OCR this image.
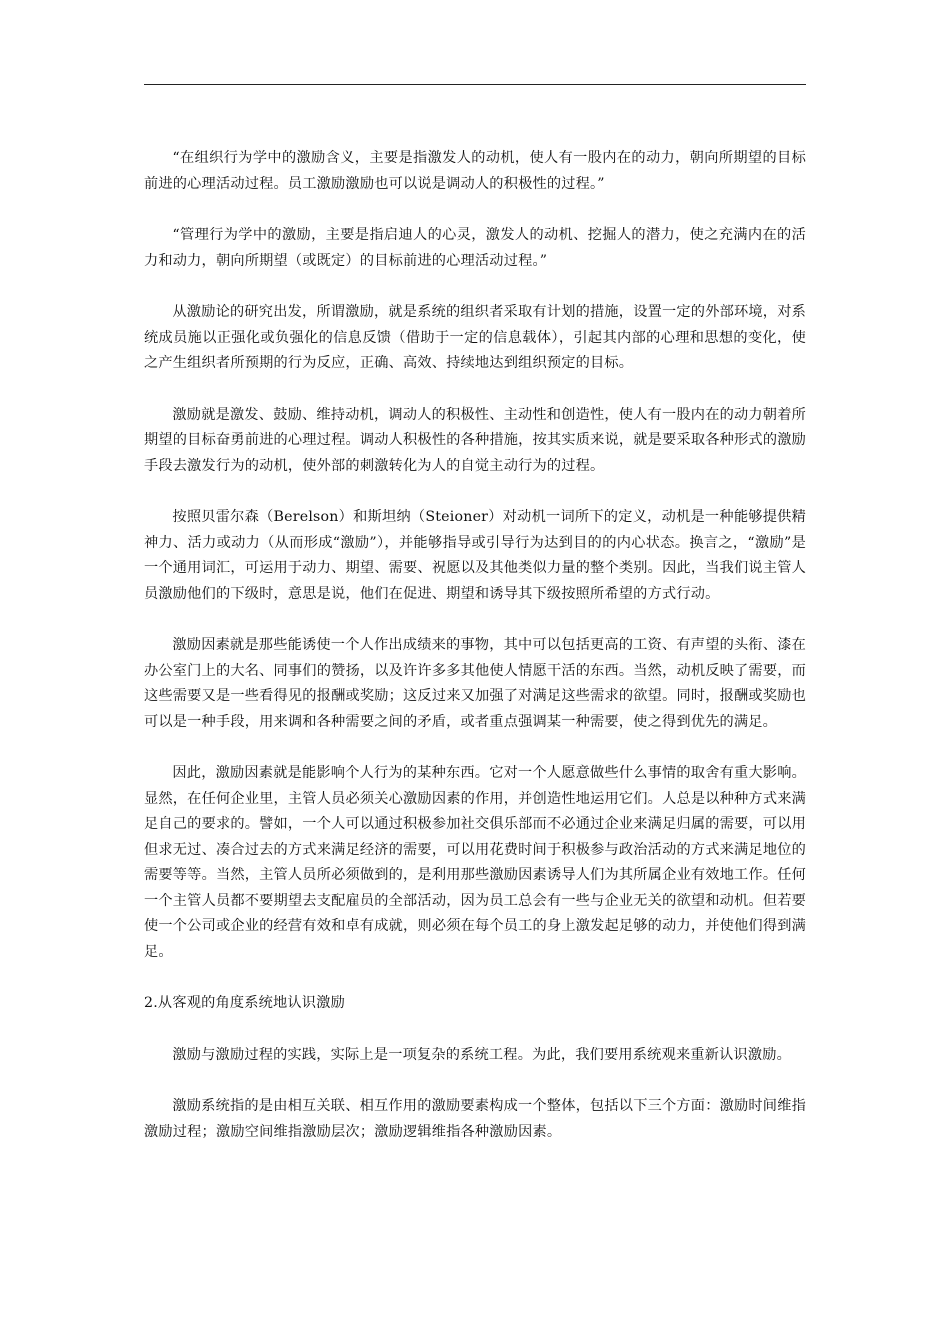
“在组织行为学中的激励含义，主要是指激发人的动机，使人有一股内在的动力，朝向所期望的目标前进的心理活动过程。员工激励激励也可以说是调动人的积极性的过程。”

“管理行为学中的激励，主要是指启迪人的心灵，激发人的动机、挖掘人的潜力，使之充满内在的活力和动力，朝向所期望（或既定）的目标前进的心理活动过程。”

从激励论的研究出发，所谓激励，就是系统的组织者采取有计划的措施，设置一定的外部环境，对系统成员施以正强化或负强化的信息反馈（借助于一定的信息载体），引起其内部的心理和思想的变化，使之产生组织者所预期的行为反应，正确、高效、持续地达到组织预定的目标。

激励就是激发、鼓励、维持动机，调动人的积极性、主动性和创造性，使人有一股内在的动力朝着所期望的目标奋勇前进的心理过程。调动人积极性的各种措施，按其实质来说，就是要采取各种形式的激励手段去激发行为的动机，使外部的刺激转化为人的自觉主动行为的过程。

按照贝雷尔森（Berelson）和斯坦纳（Steioner）对动机一词所下的定义，动机是一种能够提供精神力、活力或动力（从而形成“激励”），并能够指导或引导行为达到目的的内心状态。换言之，“激励”是一个通用词汇，可运用于动力、期望、需要、祝愿以及其他类似力量的整个类别。因此，当我们说主管人员激励他们的下级时，意思是说，他们在促进、期望和诱导其下级按照所希望的方式行动。

激励因素就是那些能诱使一个人作出成绩来的事物，其中可以包括更高的工资、有声望的头衔、漆在办公室门上的大名、同事们的赞扬，以及许许多多其他使人情愿干活的东西。当然，动机反映了需要，而这些需要又是一些看得见的报酬或奖励；这反过来又加强了对满足这些需求的欲望。同时，报酬或奖励也可以是一种手段，用来调和各种需要之间的矛盾，或者重点强调某一种需要，使之得到优先的满足。

因此，激励因素就是能影响个人行为的某种东西。它对一个人愿意做些什么事情的取舍有重大影响。显然，在任何企业里，主管人员必须关心激励因素的作用，并创造性地运用它们。人总是以种种方式来满足自己的要求的。譬如，一个人可以通过积极参加社交俱乐部而不必通过企业来满足归属的需要，可以用但求无过、凑合过去的方式来满足经济的需要，可以用花费时间于积极参与政治活动的方式来满足地位的需要等等。当然，主管人员所必须做到的，是利用那些激励因素诱导人们为其所属企业有效地工作。任何一个主管人员都不要期望去支配雇员的全部活动，因为员工总会有一些与企业无关的欲望和动机。但若要使一个公司或企业的经营有效和卓有成就，则必须在每个员工的身上激发起足够的动力，并使他们得到满足。

2.从客观的角度系统地认识激励

激励与激励过程的实践，实际上是一项复杂的系统工程。为此，我们要用系统观来重新认识激励。

激励系统指的是由相互关联、相互作用的激励要素构成一个整体，包括以下三个方面：激励时间维指激励过程；激励空间维指激励层次；激励逻辑维指各种激励因素。
